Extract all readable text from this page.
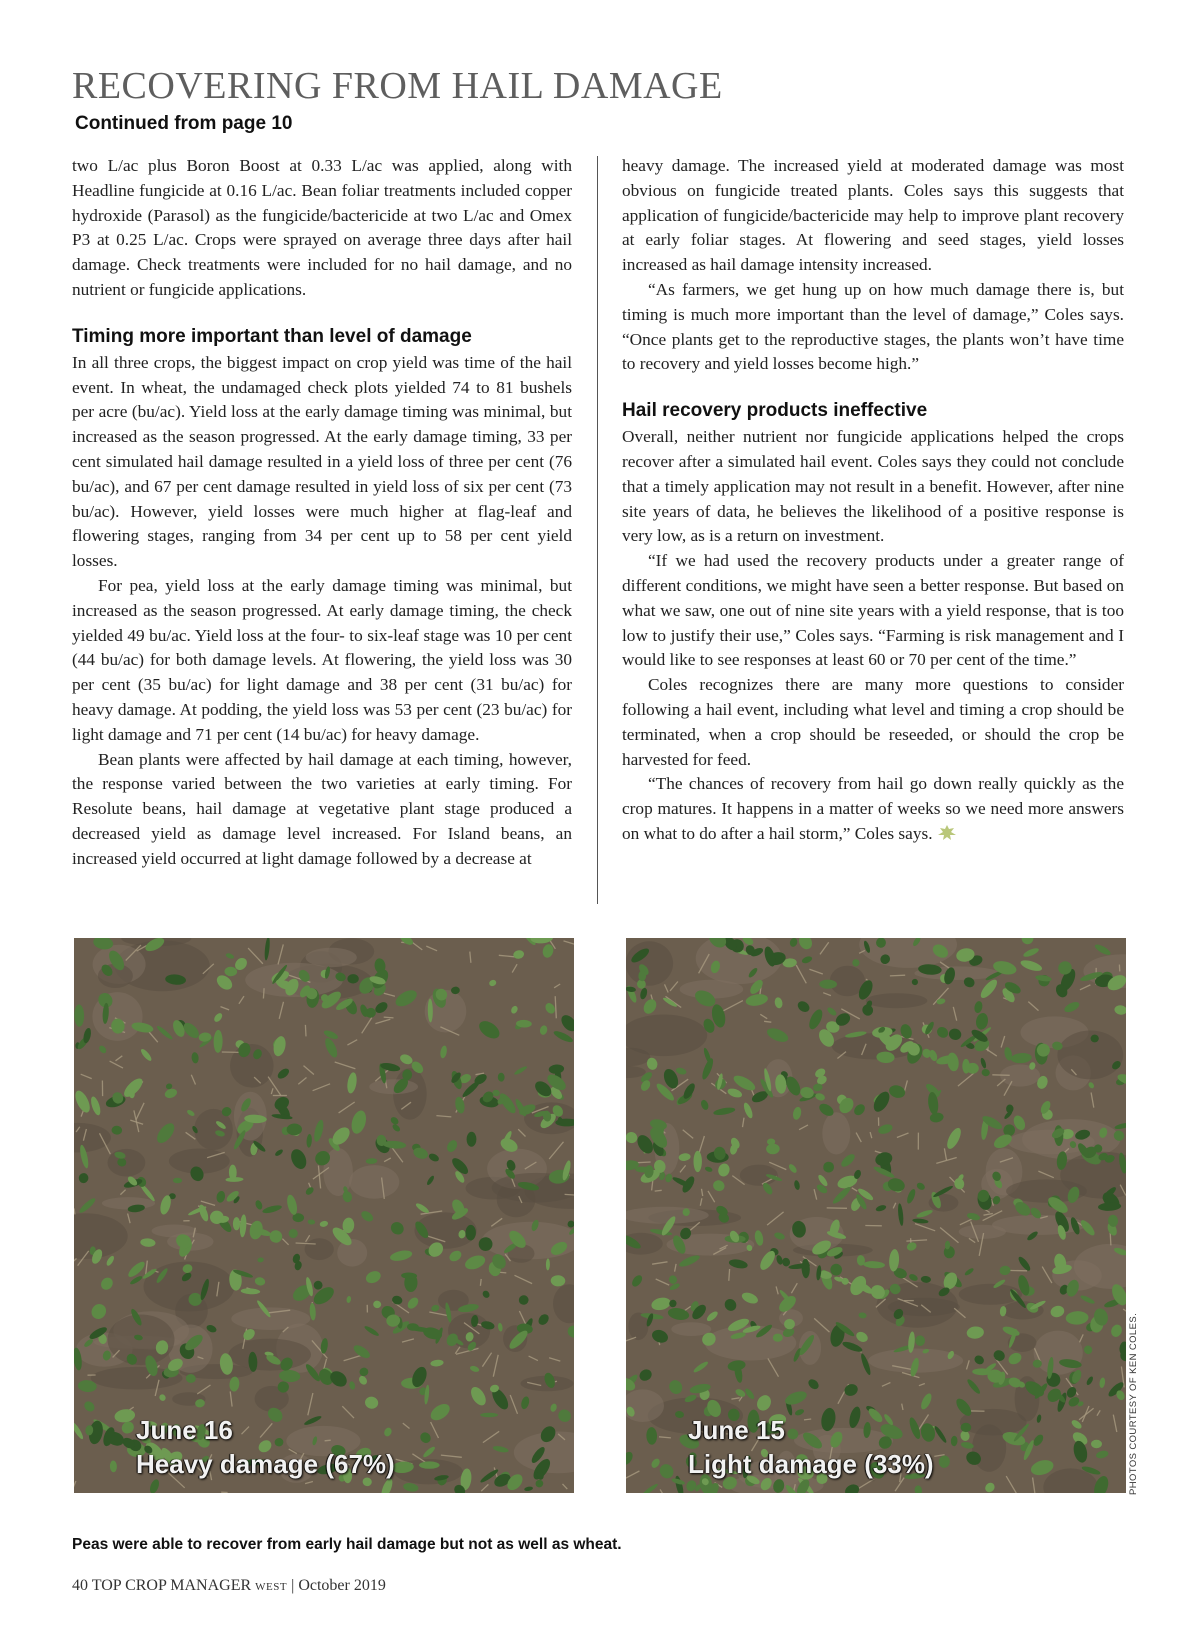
RECOVERING FROM HAIL DAMAGE
Continued from page 10

two L/ac plus Boron Boost at 0.33 L/ac was applied, along with Headline fungicide at 0.16 L/ac. Bean foliar treatments included copper hydroxide (Parasol) as the fungicide/bactericide at two L/ac and Omex P3 at 0.25 L/ac. Crops were sprayed on average three days after hail damage. Check treatments were included for no hail damage, and no nutrient or fungicide applications.

Timing more important than level of damage

In all three crops, the biggest impact on crop yield was time of the hail event. In wheat, the undamaged check plots yielded 74 to 81 bushels per acre (bu/ac). Yield loss at the early damage timing was minimal, but increased as the season progressed. At the early damage timing, 33 per cent simulated hail damage resulted in a yield loss of three per cent (76 bu/ac), and 67 per cent damage resulted in yield loss of six per cent (73 bu/ac). However, yield losses were much higher at flag-leaf and flowering stages, ranging from 34 per cent up to 58 per cent yield losses.

For pea, yield loss at the early damage timing was minimal, but increased as the season progressed. At early damage timing, the check yielded 49 bu/ac. Yield loss at the four- to six-leaf stage was 10 per cent (44 bu/ac) for both damage levels. At flowering, the yield loss was 30 per cent (35 bu/ac) for light damage and 38 per cent (31 bu/ac) for heavy damage. At podding, the yield loss was 53 per cent (23 bu/ac) for light damage and 71 per cent (14 bu/ac) for heavy damage.

Bean plants were affected by hail damage at each timing, however, the response varied between the two varieties at early timing. For Resolute beans, hail damage at vegetative plant stage produced a decreased yield as damage level increased. For Island beans, an increased yield occurred at light damage followed by a decrease at

heavy damage. The increased yield at moderated damage was most obvious on fungicide treated plants. Coles says this suggests that application of fungicide/bactericide may help to improve plant recovery at early foliar stages. At flowering and seed stages, yield losses increased as hail damage intensity increased.

“As farmers, we get hung up on how much damage there is, but timing is much more important than the level of damage,” Coles says. “Once plants get to the reproductive stages, the plants won’t have time to recovery and yield losses become high.”

Hail recovery products ineffective

Overall, neither nutrient nor fungicide applications helped the crops recover after a simulated hail event. Coles says they could not conclude that a timely application may not result in a benefit. However, after nine site years of data, he believes the likelihood of a positive response is very low, as is a return on investment.

“If we had used the recovery products under a greater range of different conditions, we might have seen a better response. But based on what we saw, one out of nine site years with a yield response, that is too low to justify their use,” Coles says. “Farming is risk management and I would like to see responses at least 60 or 70 per cent of the time.”

Coles recognizes there are many more questions to consider following a hail event, including what level and timing a crop should be terminated, when a crop should be reseeded, or should the crop be harvested for feed.

“The chances of recovery from hail go down really quickly as the crop matures. It happens in a matter of weeks so we need more answers on what to do after a hail storm,” Coles says.

June 16
Heavy damage (67%)
June 15
Light damage (33%)	PHOTOS COURTESY OF KEN COLES.
Peas were able to recover from early hail damage but not as well as wheat.
40 TOP CROP MANAGER WEST | October 2019
